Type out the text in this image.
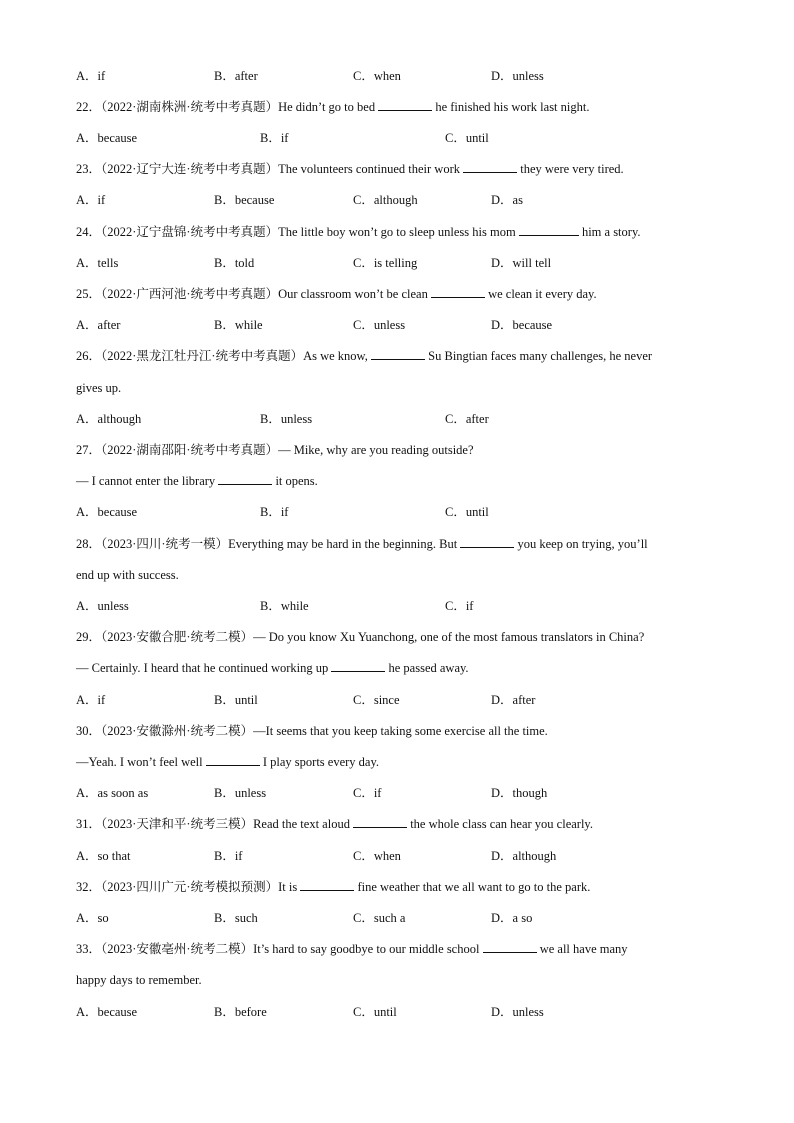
A．if	B．after	C．when	D．unless
22．（2022·湖南株洲·统考中考真题）He didn’t go to bed	he finished his work last night.
A．because	B．if	C．until
23．（2022·辽宁大连·统考中考真题）The volunteers continued their work	they were very tired.
A．if	B．because	C．although	D．as
24．（2022·辽宁盘锦·统考中考真题）The little boy won’t go to sleep unless his mom	him a story.
A．tells	B．told	C．is telling	D．will tell
25．（2022·广西河池·统考中考真题）Our classroom won’t be clean	we clean it every day.
A．after	B．while	C．unless	D．because
26．（2022·黑龙江牡丹江·统考中考真题）As we know,	Su Bingtian faces many challenges, he never
gives up.
A．although	B．unless	C．after
27．（2022·湖南邵阳·统考中考真题）— Mike, why are you reading outside?
— I cannot enter the library	it opens.
A．because	B．if	C．until
28．（2023·四川·统考一模）Everything may be hard in the beginning. But	you keep on trying, you’ll
end up with success.
A．unless	B．while	C．if
29．（2023·安徽合肥·统考二模）— Do you know Xu Yuanchong, one of the most famous translators in China?
— Certainly. I heard that he continued working up	he passed away.
A．if	B．until	C．since	D．after
30．（2023·安徽滁州·统考二模）—It seems that you keep taking some exercise all the time.
—Yeah. I won’t feel well	I play sports every day.
A．as soon as	B．unless	C．if	D．though
31．（2023·天津和平·统考三模）Read the text aloud	the whole class can hear you clearly.
A．so that	B．if	C．when	D．although
32．（2023·四川广元·统考模拟预测）It is	fine weather that we all want to go to the park.
A．so	B．such	C．such a	D．a so
33．（2023·安徽亳州·统考二模）It’s hard to say goodbye to our middle school	we all have many
happy days to remember.
A．because	B．before	C．until	D．unless
